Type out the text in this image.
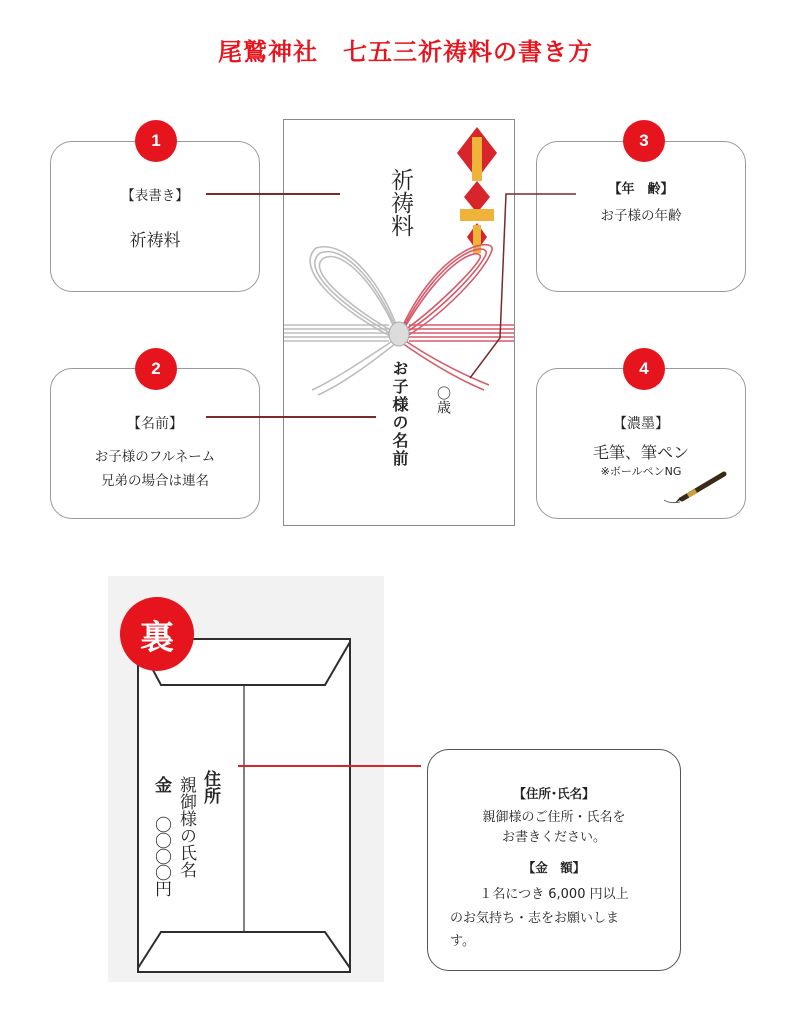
尾鷲神社　七五三祈祷料の書き方
【表書き】
祈祷料
1
【名前】
お子様のフルネーム
兄弟の場合は連名
2
【年　齢】
お子様の年齢
3
【濃墨】
毛筆、筆ペン
※ボールペンNG
4
祈祷料
〇歳
お子様の名前
裏
住所
親御様の氏名
金
〇〇〇〇円
【住所･氏名】
親御様のご住所・氏名を
お書きください。
【金　額】
１名につき 6,000 円以上
のお気持ち・志をお願いしま
す。
